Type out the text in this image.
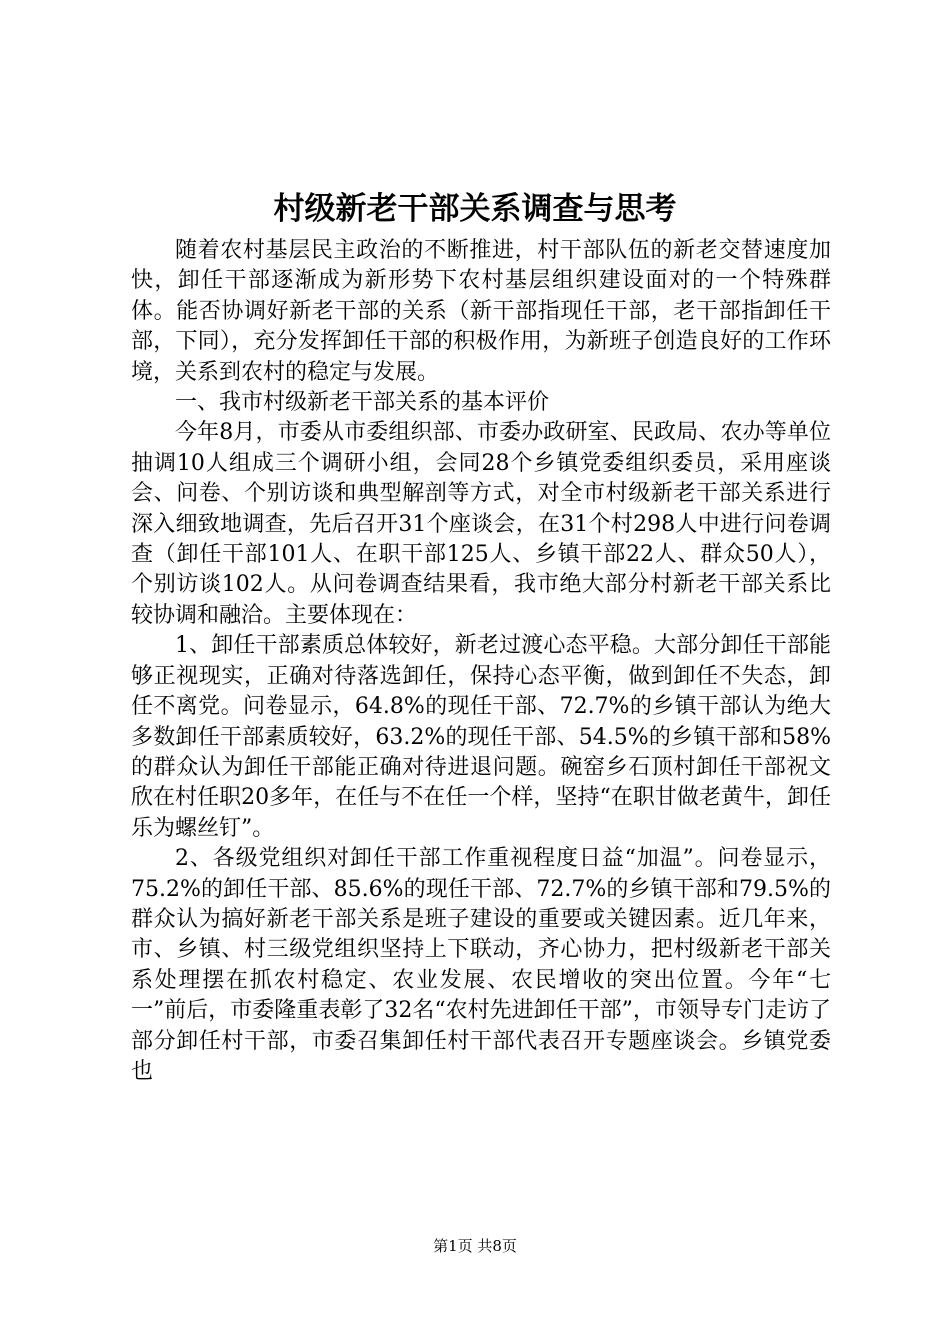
村级新老干部关系调查与思考

随着农村基层民主政治的不断推进，村干部队伍的新老交替速度加快，卸任干部逐渐成为新形势下农村基层组织建设面对的一个特殊群体。能否协调好新老干部的关系（新干部指现任干部，老干部指卸任干部，下同），充分发挥卸任干部的积极作用，为新班子创造良好的工作环境，关系到农村的稳定与发展。

一、我市村级新老干部关系的基本评价

今年8月，市委从市委组织部、市委办政研室、民政局、农办等单位抽调10人组成三个调研小组，会同28个乡镇党委组织委员，采用座谈会、问卷、个别访谈和典型解剖等方式，对全市村级新老干部关系进行深入细致地调查，先后召开31个座谈会，在31个村298人中进行问卷调查（卸任干部101人、在职干部125人、乡镇干部22人、群众50人），个别访谈102人。从问卷调查结果看，我市绝大部分村新老干部关系比较协调和融洽。主要体现在：

1、卸任干部素质总体较好，新老过渡心态平稳。大部分卸任干部能够正视现实，正确对待落选卸任，保持心态平衡，做到卸任不失态，卸任不离党。问卷显示，64.8%的现任干部、72.7%的乡镇干部认为绝大多数卸任干部素质较好，63.2%的现任干部、54.5%的乡镇干部和58%的群众认为卸任干部能正确对待进退问题。碗窑乡石顶村卸任干部祝文欣在村任职20多年，在任与不在任一个样，坚持“在职甘做老黄牛，卸任乐为螺丝钉”。

2、各级党组织对卸任干部工作重视程度日益“加温”。问卷显示，75.2%的卸任干部、85.6%的现任干部、72.7%的乡镇干部和79.5%的群众认为搞好新老干部关系是班子建设的重要或关键因素。近几年来，市、乡镇、村三级党组织坚持上下联动，齐心协力，把村级新老干部关系处理摆在抓农村稳定、农业发展、农民增收的突出位置。今年“七一”前后，市委隆重表彰了32名“农村先进卸任干部”，市领导专门走访了部分卸任村干部，市委召集卸任村干部代表召开专题座谈会。乡镇党委也

第1页 共8页
